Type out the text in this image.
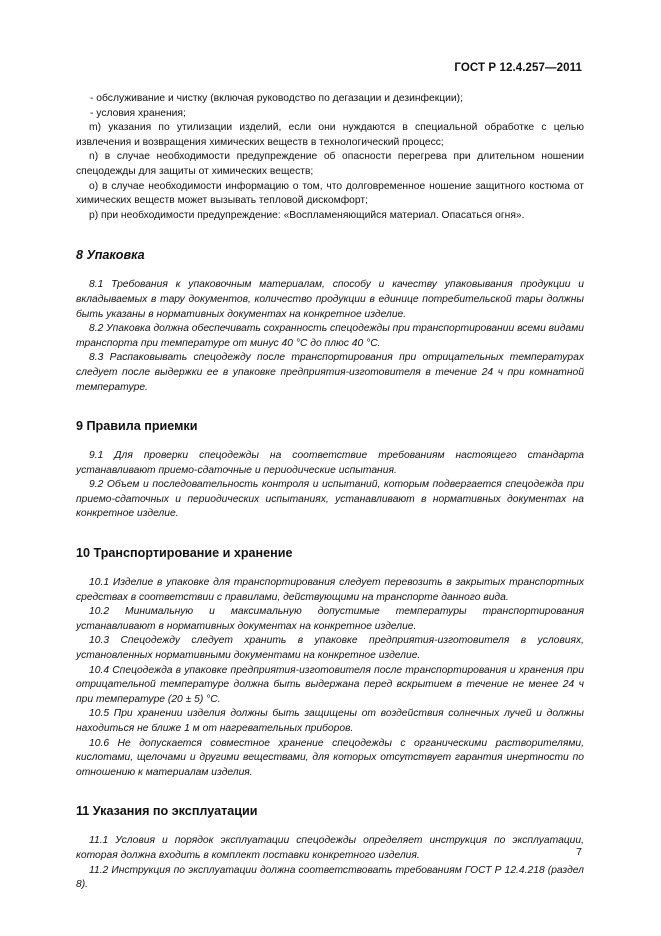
ГОСТ Р 12.4.257—2011

- обслуживание и чистку (включая руководство по дегазации и дезинфекции);

- условия хранения;

m) указания по утилизации изделий, если они нуждаются в специальной обработке с целью извлечения и возвращения химических веществ в технологический процесс;

n) в случае необходимости предупреждение об опасности перегрева при длительном ношении спецодежды для защиты от химических веществ;

о) в случае необходимости информацию о том, что долговременное ношение защитного костюма от химических веществ может вызывать тепловой дискомфорт;

р) при необходимости предупреждение: «Воспламеняющийся материал. Опасаться огня».

8 Упаковка

8.1 Требования к упаковочным материалам, способу и качеству упаковывания продукции и вкладываемых в тару документов, количество продукции в единице потребительской тары должны быть указаны в нормативных документах на конкретное изделие.

8.2 Упаковка должна обеспечивать сохранность спецодежды при транспортировании всеми видами транспорта при температуре от минус 40 °С до плюс 40 °С.

8.3 Распаковывать спецодежду после транспортирования при отрицательных температурах следует после выдержки ее в упаковке предприятия-изготовителя в течение 24 ч при комнатной температуре.

9 Правила приемки

9.1 Для проверки спецодежды на соответствие требованиям настоящего стандарта устанавливают приемо-сдаточные и периодические испытания.

9.2 Объем и последовательность контроля и испытаний, которым подвергается спецодежда при приемо-сдаточных и периодических испытаниях, устанавливают в нормативных документах на конкретное изделие.

10 Транспортирование и хранение

10.1 Изделие в упаковке для транспортирования следует перевозить в закрытых транспортных средствах в соответствии с правилами, действующими на транспорте данного вида.

10.2 Минимальную и максимальную допустимые температуры транспортирования устанавливают в нормативных документах на конкретное изделие.

10.3 Спецодежду следует хранить в упаковке предприятия-изготовителя в условиях, установленных нормативными документами на конкретное изделие.

10.4 Спецодежда в упаковке предприятия-изготовителя после транспортирования и хранения при отрицательной температуре должна быть выдержана перед вскрытием в течение не менее 24 ч при температуре (20 ± 5) °С.

10.5 При хранении изделия должны быть защищены от воздействия солнечных лучей и должны находиться не ближе 1 м от нагревательных приборов.

10.6 Не допускается совместное хранение спецодежды с органическими растворителями, кислотами, щелочами и другими веществами, для которых отсутствует гарантия инертности по отношению к материалам изделия.

11 Указания по эксплуатации

11.1 Условия и порядок эксплуатации спецодежды определяет инструкция по эксплуатации, которая должна входить в комплект поставки конкретного изделия.

11.2 Инструкция по эксплуатации должна соответствовать требованиям ГОСТ Р 12.4.218 (раздел 8).

7
